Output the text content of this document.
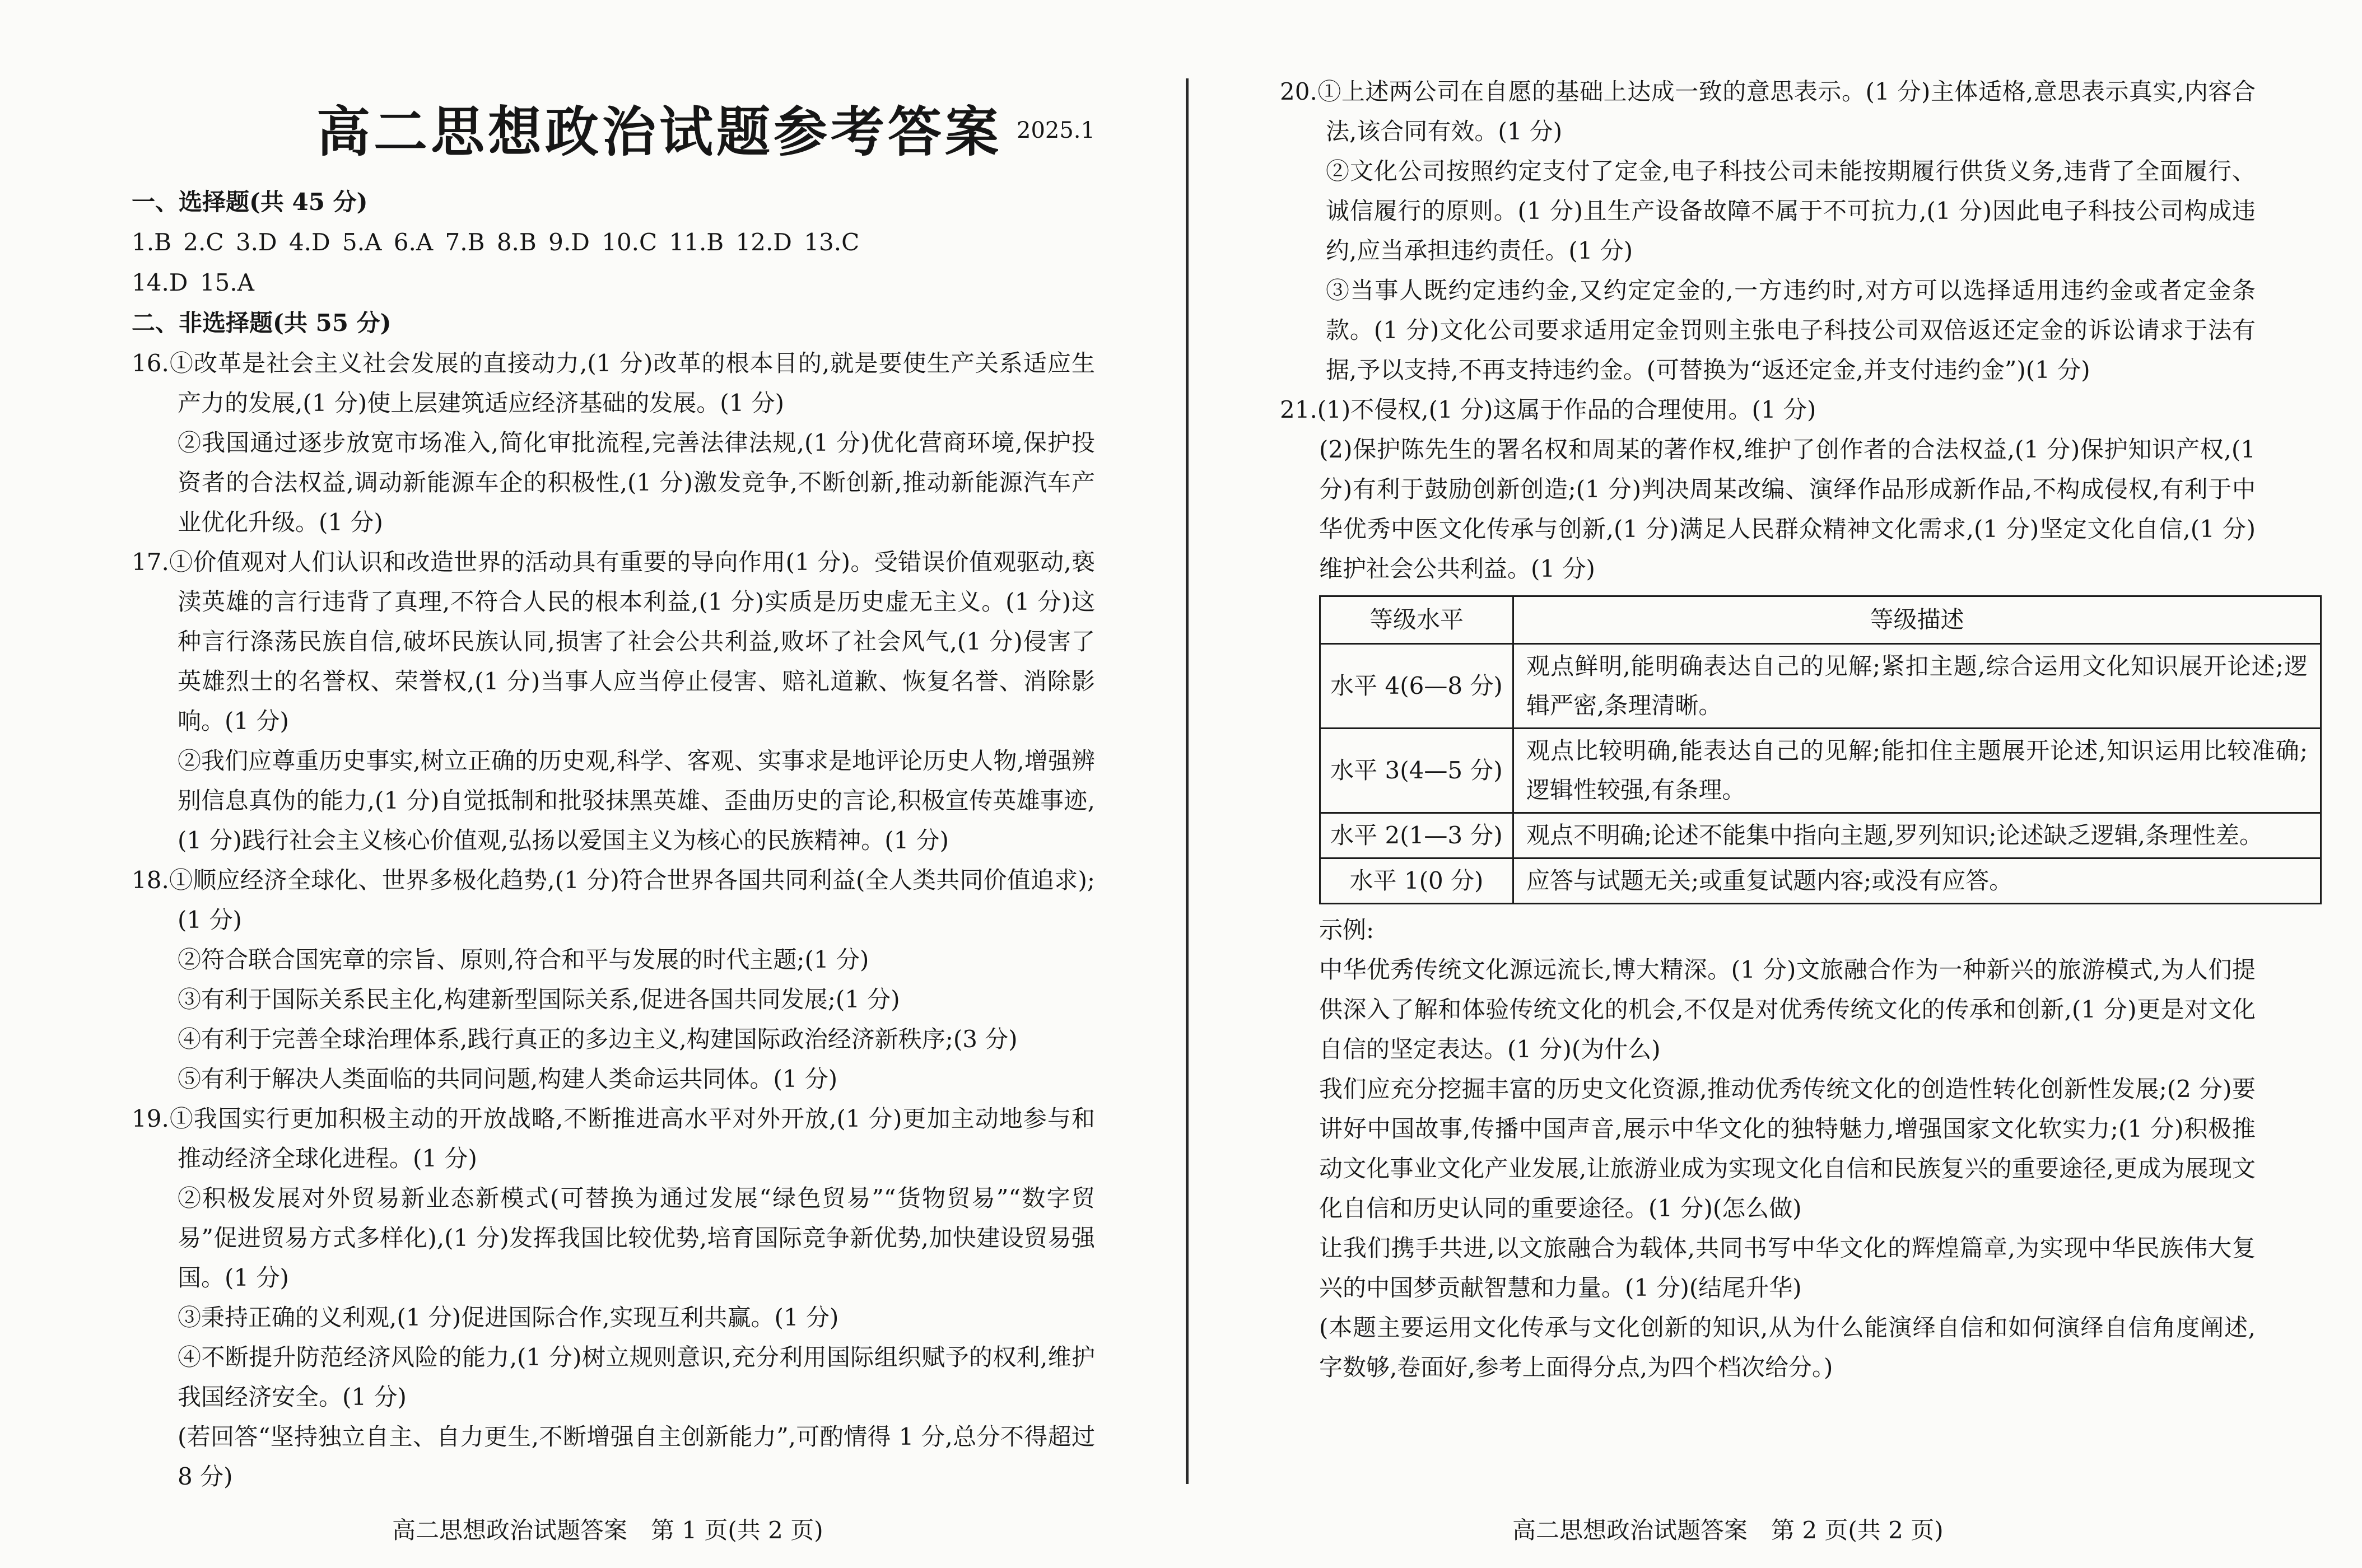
高二思想政治试题参考答案 2025.1
一、选择题(共 45 分)
1.B 2.C 3.D 4.D 5.A 6.A 7.B 8.B 9.D 10.C 11.B 12.D 13.C
14.D 15.A
二、非选择题(共 55 分)
16.①改革是社会主义社会发展的直接动力,(1 分)改革的根本目的,就是要使生产关系适应生产力的发展,(1 分)使上层建筑适应经济基础的发展。(1 分)
②我国通过逐步放宽市场准入,简化审批流程,完善法律法规,(1 分)优化营商环境,保护投资者的合法权益,调动新能源车企的积极性,(1 分)激发竞争,不断创新,推动新能源汽车产业优化升级。(1 分)
17.①价值观对人们认识和改造世界的活动具有重要的导向作用(1 分)。受错误价值观驱动,亵渎英雄的言行违背了真理,不符合人民的根本利益,(1 分)实质是历史虚无主义。(1 分)这种言行涤荡民族自信,破坏民族认同,损害了社会公共利益,败坏了社会风气,(1 分)侵害了英雄烈士的名誉权、荣誉权,(1 分)当事人应当停止侵害、赔礼道歉、恢复名誉、消除影响。(1 分)
②我们应尊重历史事实,树立正确的历史观,科学、客观、实事求是地评论历史人物,增强辨别信息真伪的能力,(1 分)自觉抵制和批驳抹黑英雄、歪曲历史的言论,积极宣传英雄事迹,(1 分)践行社会主义核心价值观,弘扬以爱国主义为核心的民族精神。(1 分)
18.①顺应经济全球化、世界多极化趋势,(1 分)符合世界各国共同利益(全人类共同价值追求);(1 分)
②符合联合国宪章的宗旨、原则,符合和平与发展的时代主题;(1 分)
③有利于国际关系民主化,构建新型国际关系,促进各国共同发展;(1 分)
④有利于完善全球治理体系,践行真正的多边主义,构建国际政治经济新秩序;(3 分)
⑤有利于解决人类面临的共同问题,构建人类命运共同体。(1 分)
19.①我国实行更加积极主动的开放战略,不断推进高水平对外开放,(1 分)更加主动地参与和推动经济全球化进程。(1 分)
②积极发展对外贸易新业态新模式(可替换为通过发展“绿色贸易”“货物贸易”“数字贸易”促进贸易方式多样化),(1 分)发挥我国比较优势,培育国际竞争新优势,加快建设贸易强国。(1 分)
③秉持正确的义利观,(1 分)促进国际合作,实现互利共赢。(1 分)
④不断提升防范经济风险的能力,(1 分)树立规则意识,充分利用国际组织赋予的权利,维护我国经济安全。(1 分)
(若回答“坚持独立自主、自力更生,不断增强自主创新能力”,可酌情得 1 分,总分不得超过 8 分)
高二思想政治试题答案　第 1 页(共 2 页)
20.①上述两公司在自愿的基础上达成一致的意思表示。(1 分)主体适格,意思表示真实,内容合法,该合同有效。(1 分)
②文化公司按照约定支付了定金,电子科技公司未能按期履行供货义务,违背了全面履行、诚信履行的原则。(1 分)且生产设备故障不属于不可抗力,(1 分)因此电子科技公司构成违约,应当承担违约责任。(1 分)
③当事人既约定违约金,又约定定金的,一方违约时,对方可以选择适用违约金或者定金条款。(1 分)文化公司要求适用定金罚则主张电子科技公司双倍返还定金的诉讼请求于法有据,予以支持,不再支持违约金。(可替换为“返还定金,并支付违约金”)(1 分)
21.(1)不侵权,(1 分)这属于作品的合理使用。(1 分)
(2)保护陈先生的署名权和周某的著作权,维护了创作者的合法权益,(1 分)保护知识产权,(1 分)有利于鼓励创新创造;(1 分)判决周某改编、演绎作品形成新作品,不构成侵权,有利于中华优秀中医文化传承与创新,(1 分)满足人民群众精神文化需求,(1 分)坚定文化自信,(1 分)维护社会公共利益。(1 分)
等级水平	等级描述
水平 4(6—8 分)	观点鲜明,能明确表达自己的见解;紧扣主题,综合运用文化知识展开论述;逻辑严密,条理清晰。
水平 3(4—5 分)	观点比较明确,能表达自己的见解;能扣住主题展开论述,知识运用比较准确;逻辑性较强,有条理。
水平 2(1—3 分)	观点不明确;论述不能集中指向主题,罗列知识;论述缺乏逻辑,条理性差。
水平 1(0 分)	应答与试题无关;或重复试题内容;或没有应答。
示例:
中华优秀传统文化源远流长,博大精深。(1 分)文旅融合作为一种新兴的旅游模式,为人们提供深入了解和体验传统文化的机会,不仅是对优秀传统文化的传承和创新,(1 分)更是对文化自信的坚定表达。(1 分)(为什么)
我们应充分挖掘丰富的历史文化资源,推动优秀传统文化的创造性转化创新性发展;(2 分)要讲好中国故事,传播中国声音,展示中华文化的独特魅力,增强国家文化软实力;(1 分)积极推动文化事业文化产业发展,让旅游业成为实现文化自信和民族复兴的重要途径,更成为展现文化自信和历史认同的重要途径。(1 分)(怎么做)
让我们携手共进,以文旅融合为载体,共同书写中华文化的辉煌篇章,为实现中华民族伟大复兴的中国梦贡献智慧和力量。(1 分)(结尾升华)
(本题主要运用文化传承与文化创新的知识,从为什么能演绎自信和如何演绎自信角度阐述,字数够,卷面好,参考上面得分点,为四个档次给分。)
高二思想政治试题答案　第 2 页(共 2 页)
